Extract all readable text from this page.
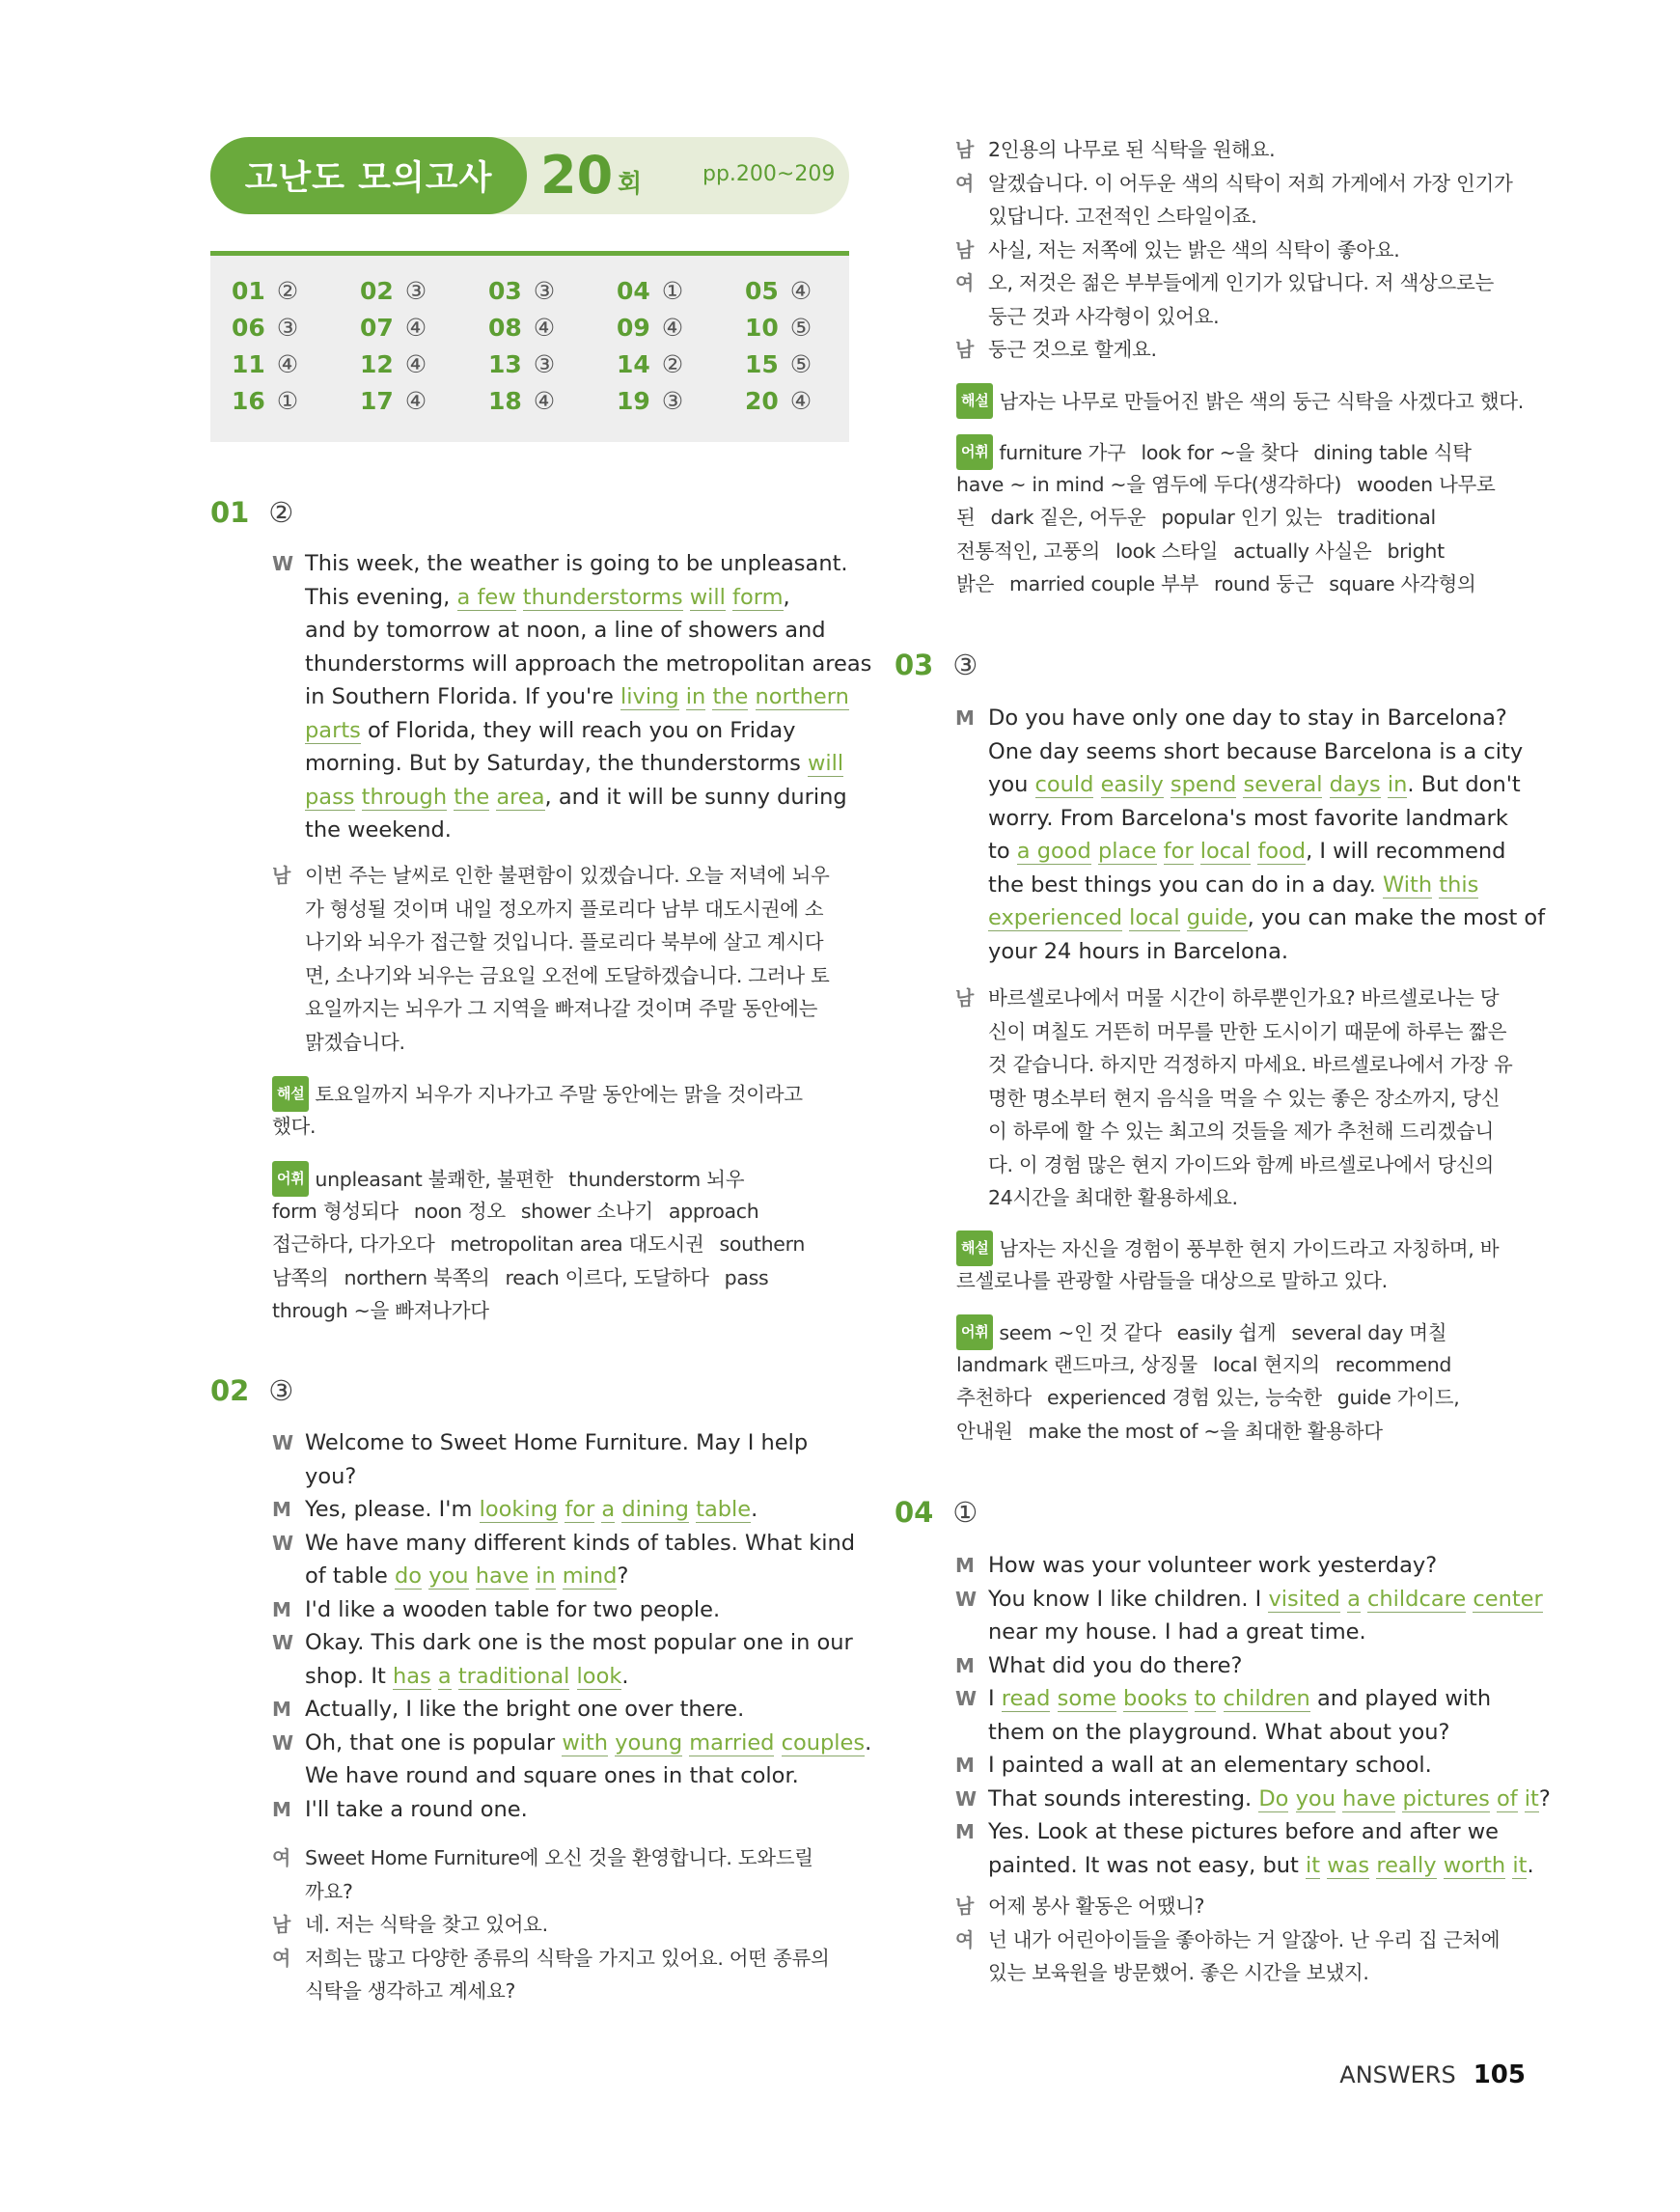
고난도 모의고사 20 회	pp.200~209
01 ②	02 ③	03 ③	04 ①	05 ④
06 ③	07 ④	08 ④	09 ④	10 ⑤
11 ④	12 ④	13 ③	14 ②	15 ⑤
16 ①	17 ④	18 ④	19 ③	20 ④
01 ②
W This week, the weather is going to be unpleasant.
This evening, a few thunderstorms will form,
and by tomorrow at noon, a line of showers and
thunderstorms will approach the metropolitan areas
in Southern Florida. If you're living in the northern
parts of Florida, they will reach you on Friday
morning. But by Saturday, the thunderstorms will
pass through the area, and it will be sunny during
the weekend.
남 이번 주는 날씨로 인한 불편함이 있겠습니다. 오늘 저녁에 뇌우
가 형성될 것이며 내일 정오까지 플로리다 남부 대도시권에 소
나기와 뇌우가 접근할 것입니다. 플로리다 북부에 살고 계시다
면, 소나기와 뇌우는 금요일 오전에 도달하겠습니다. 그러나 토
요일까지는 뇌우가 그 지역을 빠져나갈 것이며 주말 동안에는
맑겠습니다.
해설 토요일까지 뇌우가 지나가고 주말 동안에는 맑을 것이라고
했다.
어휘 unpleasant 불쾌한, 불편한 thunderstorm 뇌우
form 형성되다 noon 정오 shower 소나기 approach
접근하다, 다가오다 metropolitan area 대도시권 southern
남쪽의 northern 북쪽의 reach 이르다, 도달하다 pass
through ~을 빠져나가다
02 ③
W Welcome to Sweet Home Furniture. May I help
you?
M Yes, please. I'm looking for a dining table.
W We have many different kinds of tables. What kind
of table do you have in mind?
M I'd like a wooden table for two people.
W Okay. This dark one is the most popular one in our
shop. It has a traditional look.
M Actually, I like the bright one over there.
W Oh, that one is popular with young married couples.
We have round and square ones in that color.
M I'll take a round one.
여 Sweet Home Furniture에 오신 것을 환영합니다. 도와드릴
까요?
남 네. 저는 식탁을 찾고 있어요.
여 저희는 많고 다양한 종류의 식탁을 가지고 있어요. 어떤 종류의
식탁을 생각하고 계세요?
남 2인용의 나무로 된 식탁을 원해요.
여 알겠습니다. 이 어두운 색의 식탁이 저희 가게에서 가장 인기가
있답니다. 고전적인 스타일이죠.
남 사실, 저는 저쪽에 있는 밝은 색의 식탁이 좋아요.
여 오, 저것은 젊은 부부들에게 인기가 있답니다. 저 색상으로는
둥근 것과 사각형이 있어요.
남 둥근 것으로 할게요.
해설 남자는 나무로 만들어진 밝은 색의 둥근 식탁을 사겠다고 했다.
어휘 furniture 가구 look for ~을 찾다 dining table 식탁
have ~ in mind ~을 염두에 두다(생각하다) wooden 나무로
된 dark 짙은, 어두운 popular 인기 있는 traditional
전통적인, 고풍의 look 스타일 actually 사실은 bright
밝은 married couple 부부 round 둥근 square 사각형의
03 ③
M Do you have only one day to stay in Barcelona?
One day seems short because Barcelona is a city
you could easily spend several days in. But don't
worry. From Barcelona's most favorite landmark
to a good place for local food, I will recommend
the best things you can do in a day. With this
experienced local guide, you can make the most of
your 24 hours in Barcelona.
남 바르셀로나에서 머물 시간이 하루뿐인가요? 바르셀로나는 당
신이 며칠도 거뜬히 머무를 만한 도시이기 때문에 하루는 짧은
것 같습니다. 하지만 걱정하지 마세요. 바르셀로나에서 가장 유
명한 명소부터 현지 음식을 먹을 수 있는 좋은 장소까지, 당신
이 하루에 할 수 있는 최고의 것들을 제가 추천해 드리겠습니
다. 이 경험 많은 현지 가이드와 함께 바르셀로나에서 당신의
24시간을 최대한 활용하세요.
해설 남자는 자신을 경험이 풍부한 현지 가이드라고 자칭하며, 바
르셀로나를 관광할 사람들을 대상으로 말하고 있다.
어휘 seem ~인 것 같다 easily 쉽게 several day 며칠
landmark 랜드마크, 상징물 local 현지의 recommend
추천하다 experienced 경험 있는, 능숙한 guide 가이드,
안내원 make the most of ~을 최대한 활용하다
04 ①
M How was your volunteer work yesterday?
W You know I like children. I visited a childcare center
near my house. I had a great time.
M What did you do there?
W I read some books to children and played with
them on the playground. What about you?
M I painted a wall at an elementary school.
W That sounds interesting. Do you have pictures of it?
M Yes. Look at these pictures before and after we
painted. It was not easy, but it was really worth it.
남 어제 봉사 활동은 어땠니?
여 넌 내가 어린아이들을 좋아하는 거 알잖아. 난 우리 집 근처에
있는 보육원을 방문했어. 좋은 시간을 보냈지.
ANSWERS 105
